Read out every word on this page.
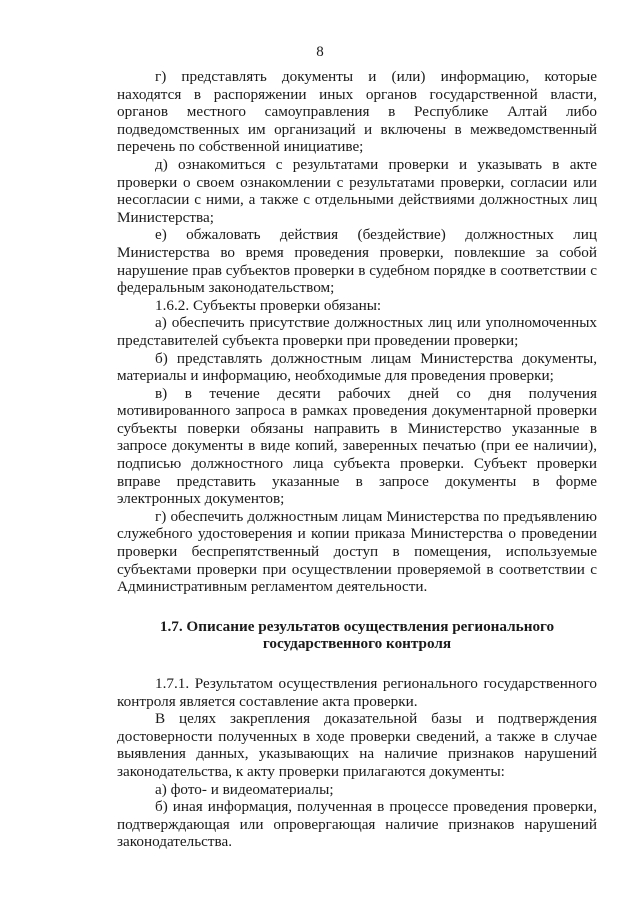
8

г) представлять документы и (или) информацию, которые находятся в распоряжении иных органов государственной власти, органов местного самоуправления в Республике Алтай либо подведомственных им организаций и включены в межведомственный перечень по собственной инициативе;

д) ознакомиться с результатами проверки и указывать в акте проверки о своем ознакомлении с результатами проверки, согласии или несогласии с ними, а также с отдельными действиями должностных лиц Министерства;

е) обжаловать действия (бездействие) должностных лиц Министерства во время проведения проверки, повлекшие за собой нарушение прав субъектов проверки в судебном порядке в соответствии с федеральным законодательством;

1.6.2. Субъекты проверки обязаны:

а) обеспечить присутствие должностных лиц или уполномоченных представителей субъекта проверки при проведении проверки;

б) представлять должностным лицам Министерства документы, материалы и информацию, необходимые для проведения проверки;

в) в течение десяти рабочих дней со дня получения мотивированного запроса в рамках проведения документарной проверки субъекты поверки обязаны направить в Министерство указанные в запросе документы в виде копий, заверенных печатью (при ее наличии), подписью должностного лица субъекта проверки. Субъект проверки вправе представить указанные в запросе документы в форме электронных документов;

г) обеспечить должностным лицам Министерства по предъявлению служебного удостоверения и копии приказа Министерства о проведении проверки беспрепятственный доступ в помещения, используемые субъектами проверки при осуществлении проверяемой в соответствии с Административным регламентом деятельности.

1.7. Описание результатов осуществления регионального государственного контроля

1.7.1. Результатом осуществления регионального государственного контроля является составление акта проверки.

В целях закрепления доказательной базы и подтверждения достоверности полученных в ходе проверки сведений, а также в случае выявления данных, указывающих на наличие признаков нарушений законодательства, к акту проверки прилагаются документы:

а) фото- и видеоматериалы;

б) иная информация, полученная в процессе проведения проверки, подтверждающая или опровергающая наличие признаков нарушений законодательства.
